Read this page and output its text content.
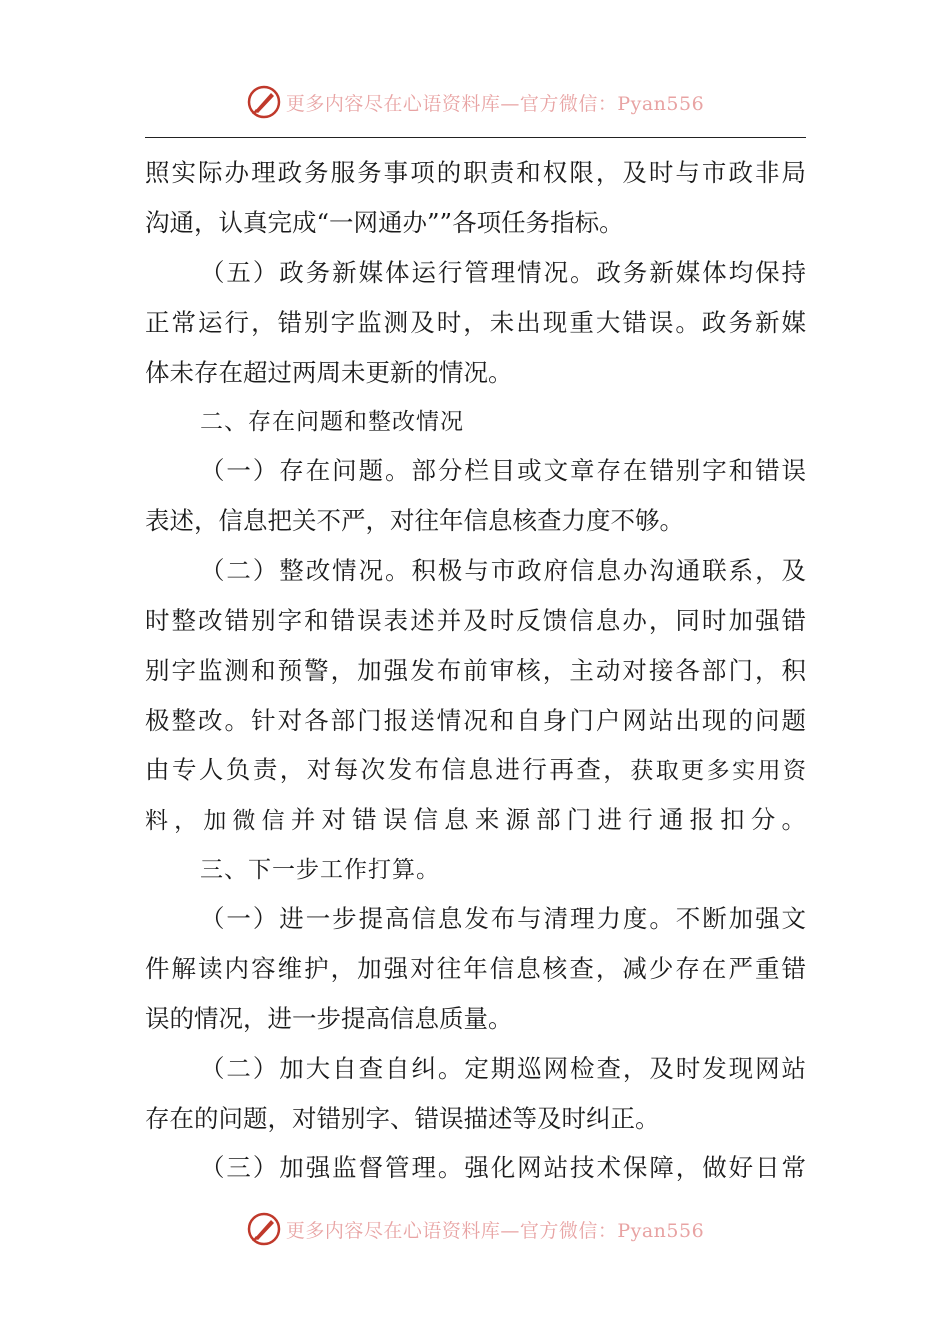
更多内容尽在心语资料库—官方微信：Pyan556
照实际办理政务服务事项的职责和权限，及时与市政非局
沟通，认真完成“一网通办””各项任务指标。
（五）政务新媒体运行管理情况。政务新媒体均保持
正常运行，错别字监测及时，未出现重大错误。政务新媒
体未存在超过两周未更新的情况。
二、存在问题和整改情况
（一）存在问题。部分栏目或文章存在错别字和错误
表述，信息把关不严，对往年信息核查力度不够。
（二）整改情况。积极与市政府信息办沟通联系，及
时整改错别字和错误表述并及时反馈信息办，同时加强错
别字监测和预警，加强发布前审核，主动对接各部门，积
极整改。针对各部门报送情况和自身门户网站出现的问题
由专人负责，对每次发布信息进行再查，获取更多实用资
料，加微信并对错误信息来源部门进行通报扣分。
三、下一步工作打算。
（一）进一步提高信息发布与清理力度。不断加强文
件解读内容维护，加强对往年信息核查，减少存在严重错
误的情况，进一步提高信息质量。
（二）加大自查自纠。定期巡网检查，及时发现网站
存在的问题，对错别字、错误描述等及时纠正。
（三）加强监督管理。强化网站技术保障，做好日常
更多内容尽在心语资料库—官方微信：Pyan556
